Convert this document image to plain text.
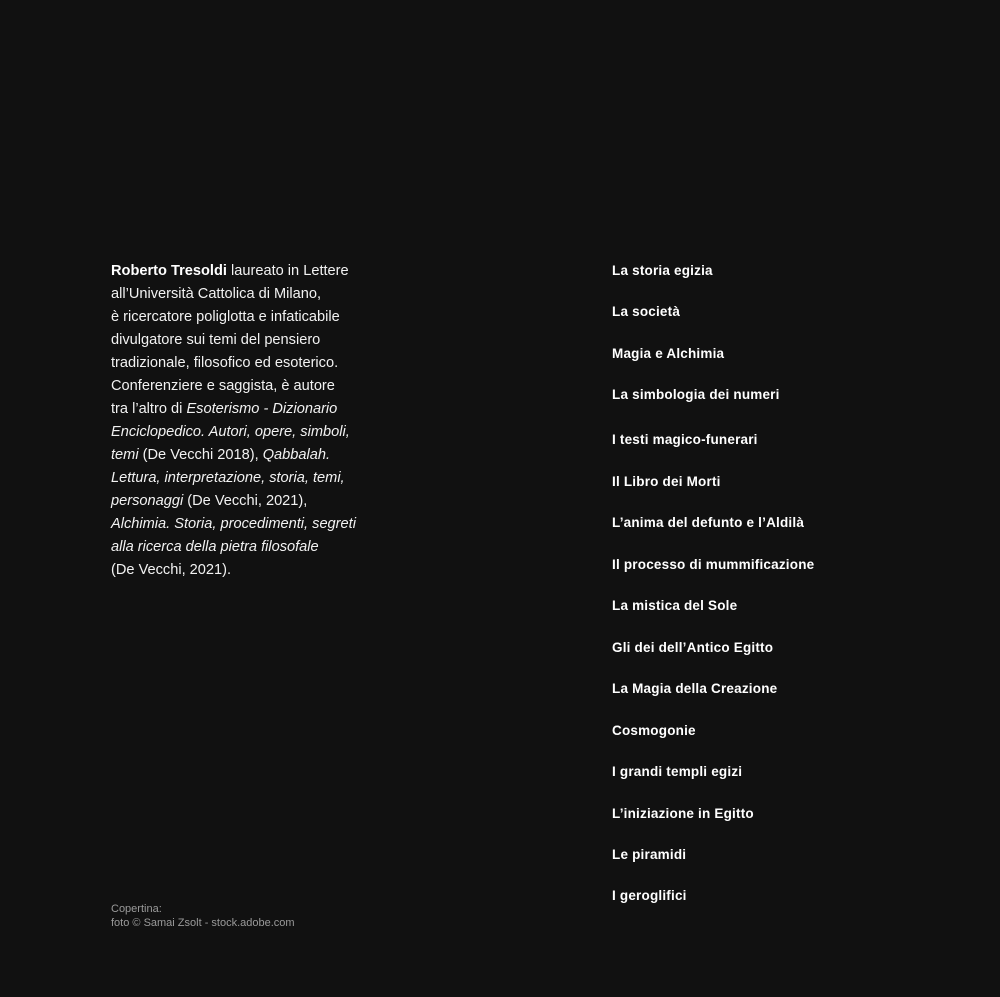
Roberto Tresoldi laureato in Lettere
all’Università Cattolica di Milano,
è ricercatore poliglotta e infaticabile
divulgatore sui temi del pensiero
tradizionale, filosofico ed esoterico.
Conferenziere e saggista, è autore
tra l’altro di Esoterismo - Dizionario
Enciclopedico. Autori, opere, simboli,
temi (De Vecchi 2018), Qabbalah.
Lettura, interpretazione, storia, temi,
personaggi (De Vecchi, 2021),
Alchimia. Storia, procedimenti, segreti
alla ricerca della pietra filosofale
(De Vecchi, 2021).
Copertina:
foto © Samai Zsolt - stock.adobe.com
La storia egizia
La società
Magia e Alchimia
La simbologia dei numeri
I testi magico-funerari
Il Libro dei Morti
L’anima del defunto e l’Aldilà
Il processo di mummificazione
La mistica del Sole
Gli dei dell’Antico Egitto
La Magia della Creazione
Cosmogonie
I grandi templi egizi
L’iniziazione in Egitto
Le piramidi
I geroglifici
